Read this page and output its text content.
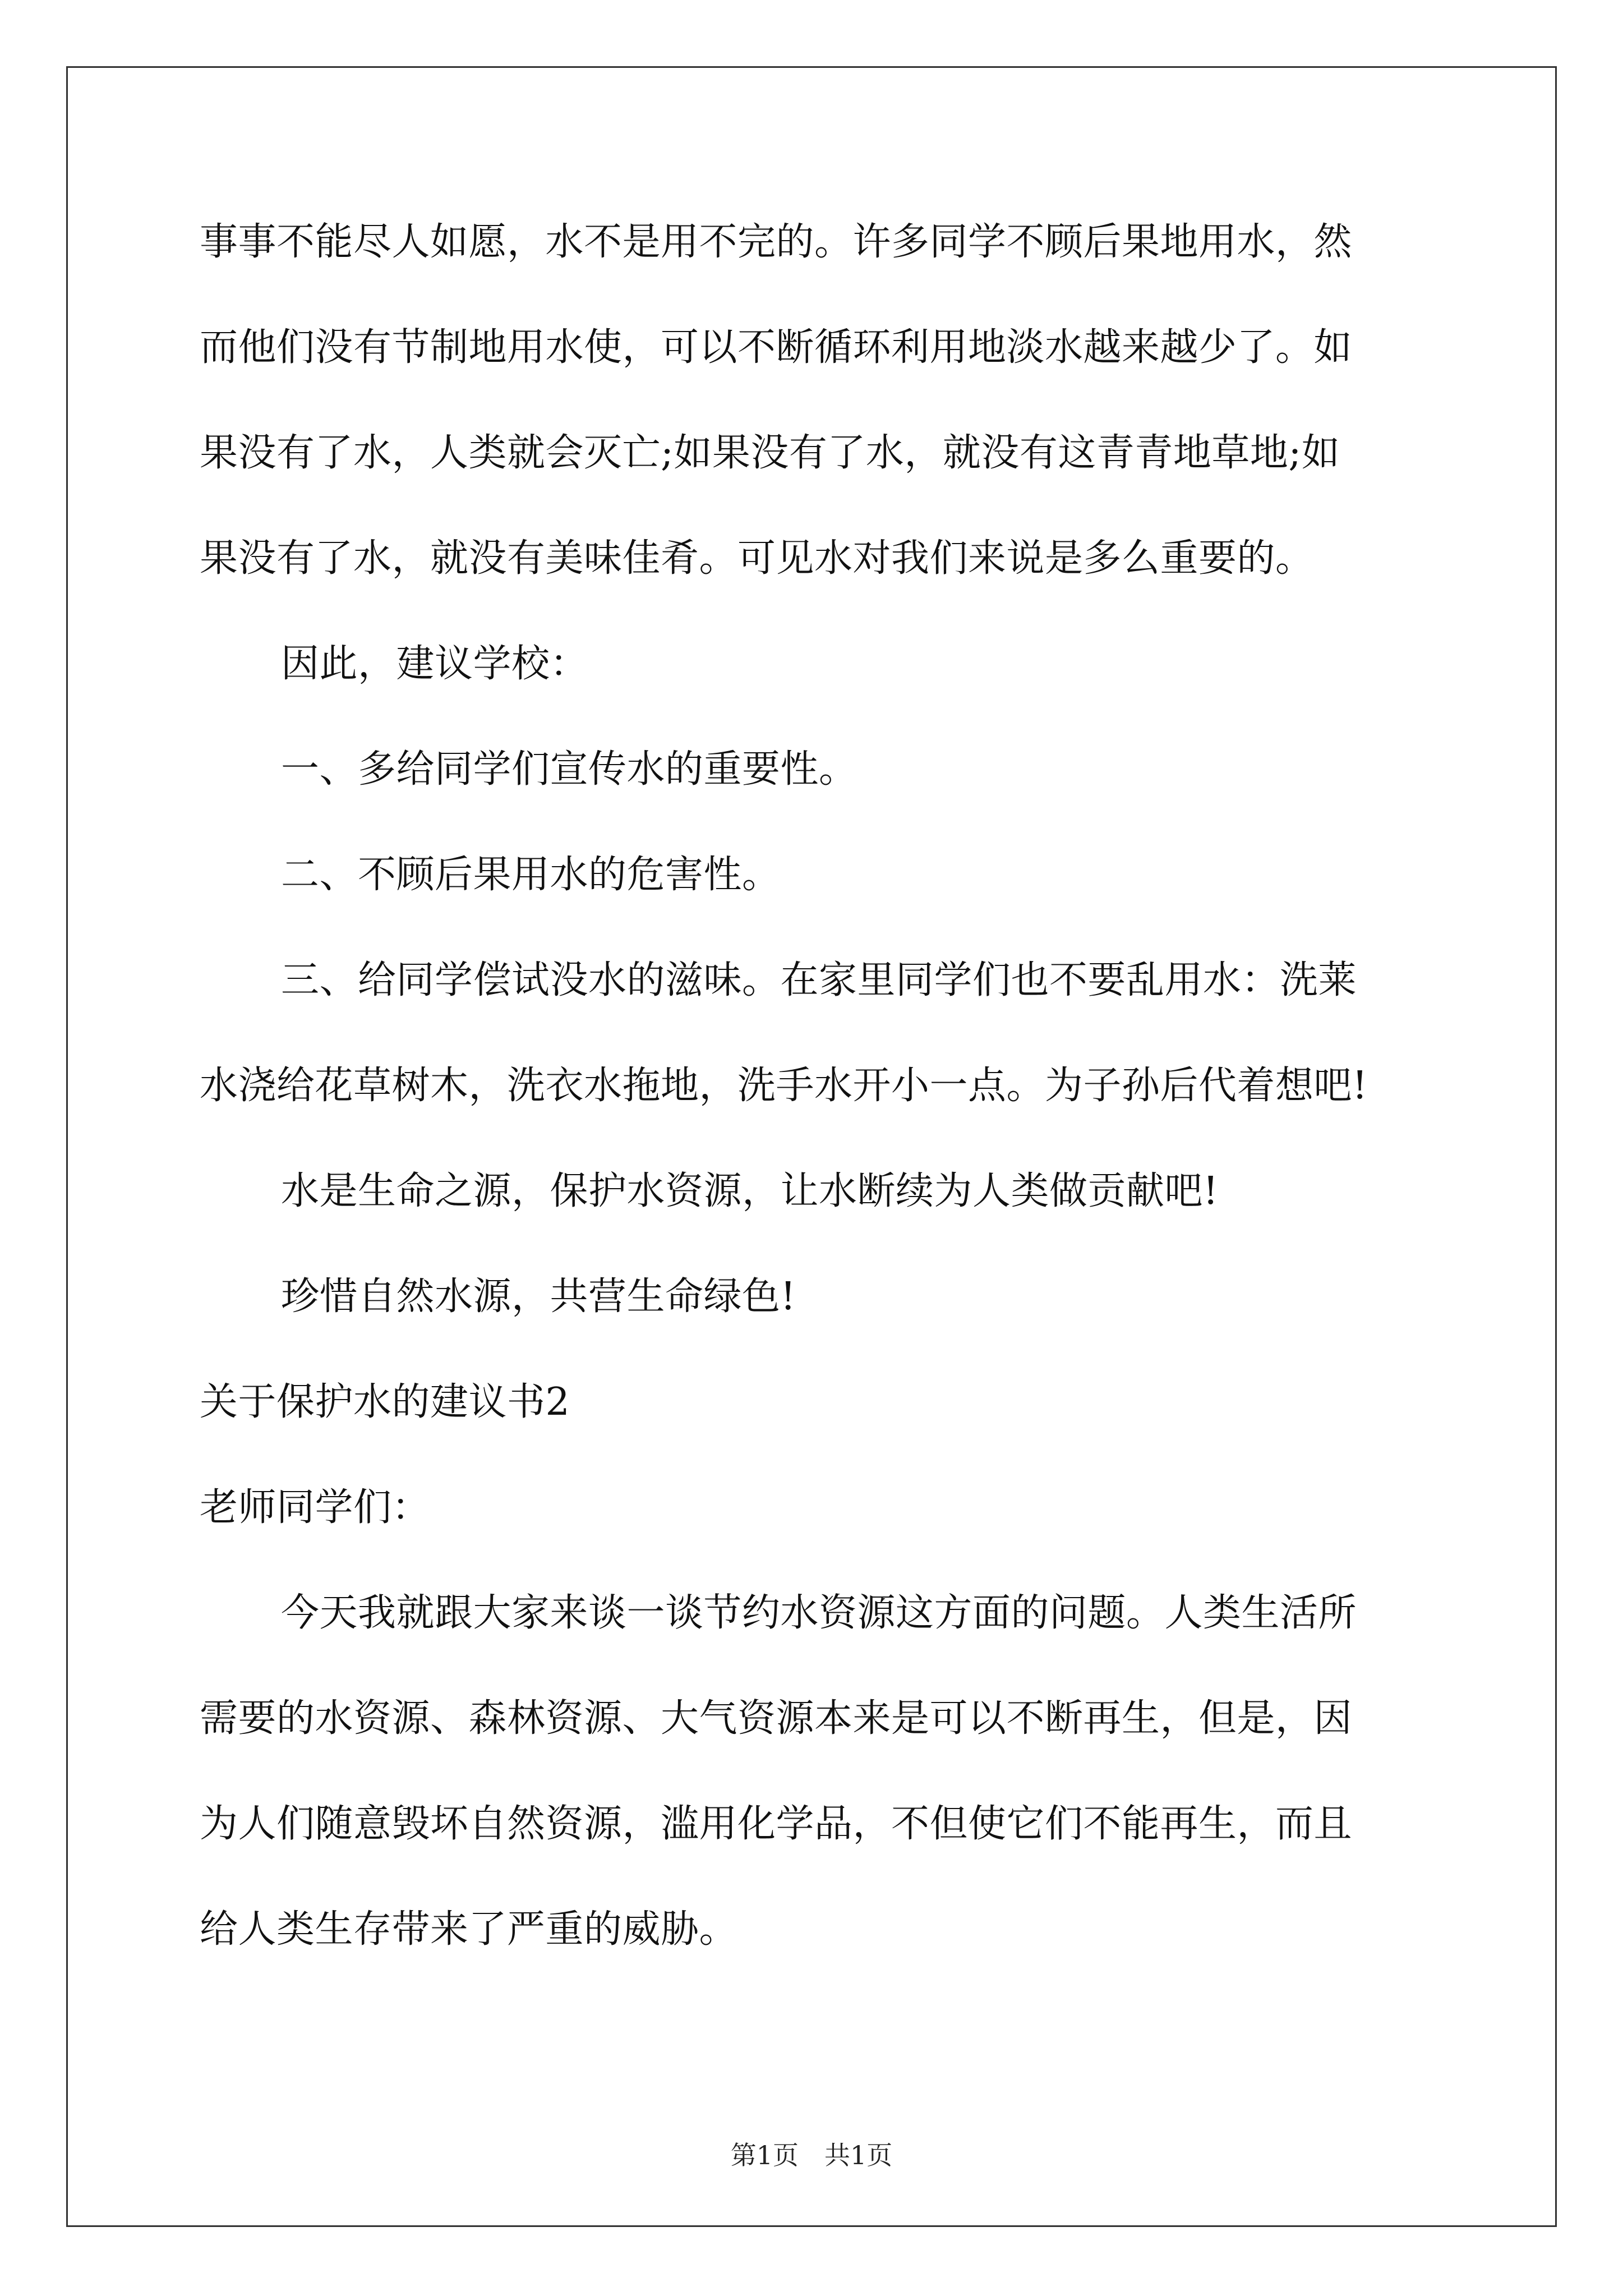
事事不能尽人如愿，水不是用不完的。许多同学不顾后果地用水，然
而他们没有节制地用水使，可以不断循环利用地淡水越来越少了。如
果没有了水，人类就会灭亡;如果没有了水，就没有这青青地草地;如
果没有了水，就没有美味佳肴。可见水对我们来说是多么重要的。
因此，建议学校：
一、多给同学们宣传水的重要性。
二、不顾后果用水的危害性。
三、给同学偿试没水的滋味。在家里同学们也不要乱用水：洗莱
水浇给花草树木，洗衣水拖地，洗手水开小一点。为子孙后代着想吧!
水是生命之源，保护水资源，让水断续为人类做贡献吧!
珍惜自然水源，共营生命绿色!
关于保护水的建议书2
老师同学们：
今天我就跟大家来谈一谈节约水资源这方面的问题。人类生活所
需要的水资源、森林资源、大气资源本来是可以不断再生，但是，因
为人们随意毁坏自然资源，滥用化学品，不但使它们不能再生，而且
给人类生存带来了严重的威胁。
第1页　共1页
